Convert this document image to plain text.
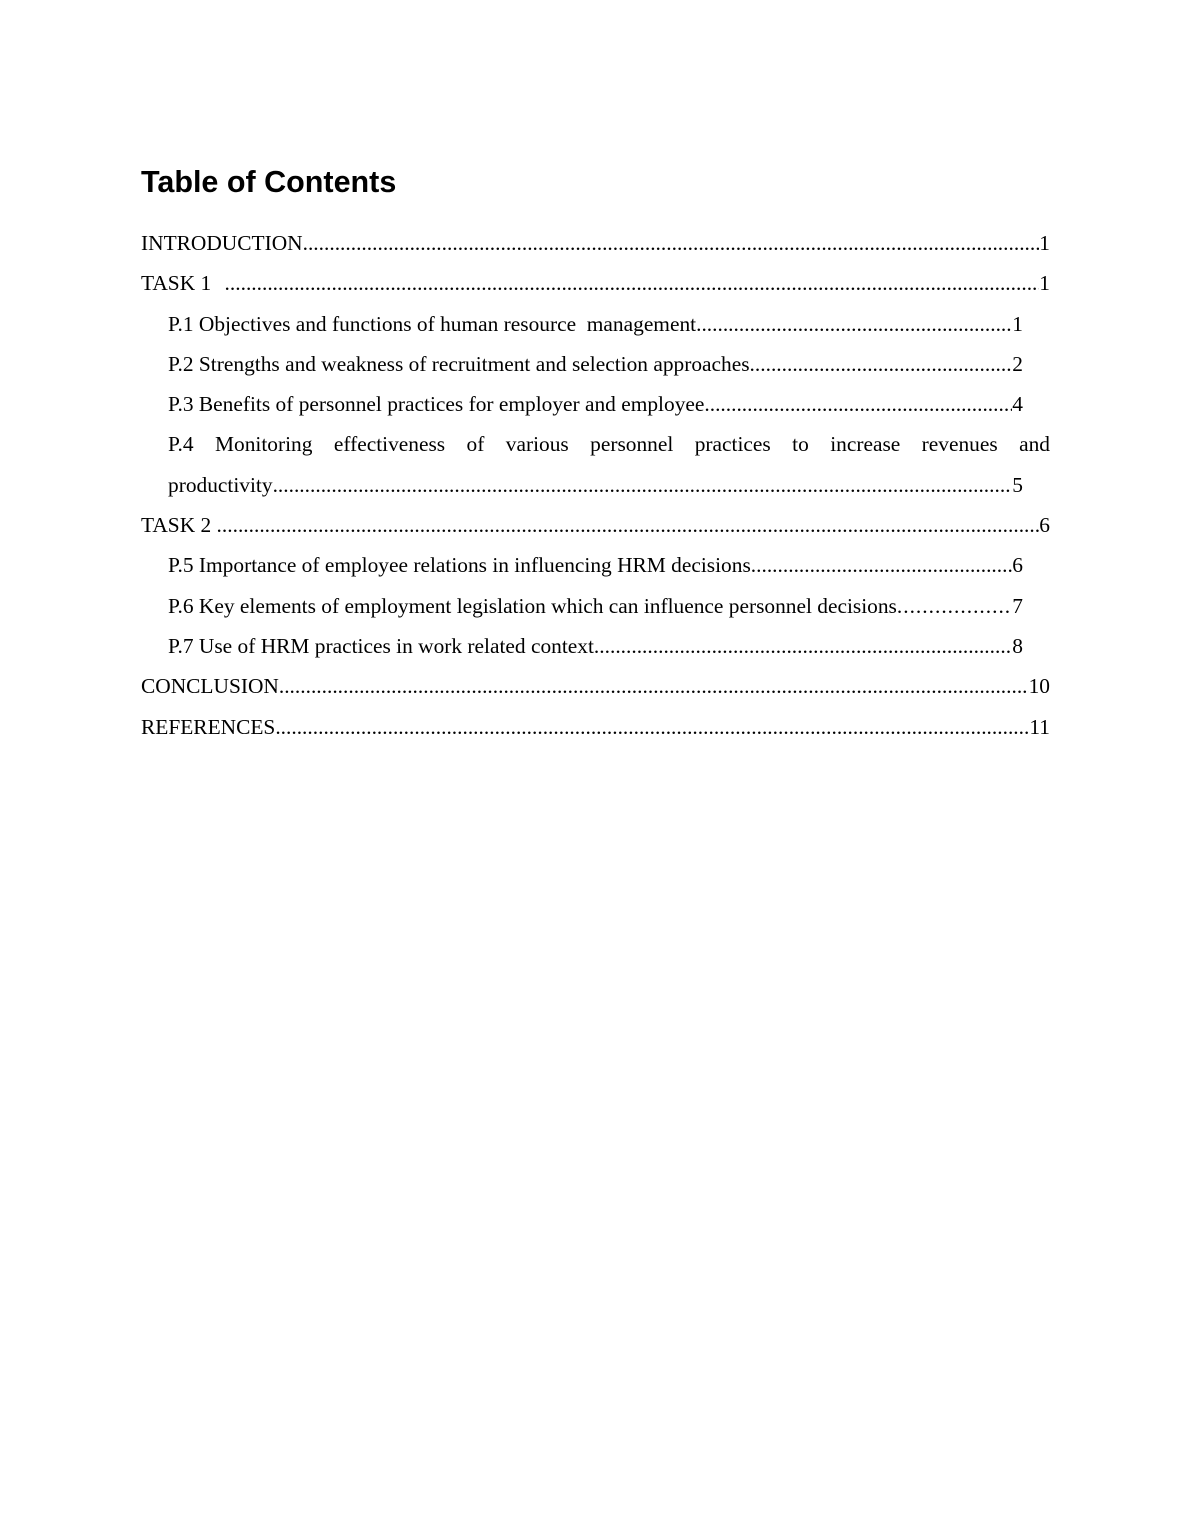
Table of Contents
INTRODUCTION .....	1
TASK 1 .....	1
P.1 Objectives and functions of human resource  management .....	1
P.2 Strengths and weakness of recruitment and selection approaches .....	2
P.3 Benefits of personnel practices for employer and employee .....	4
P.4 Monitoring effectiveness of various personnel practices to increase revenues and
productivity .....	5
TASK 2 .....	6
P.5 Importance of employee relations in influencing HRM decisions .....	6
P.6 Key elements of employment legislation which can influence personnel decisions .....	7
P.7 Use of HRM practices in work related context .....	8
CONCLUSION .....	10
REFERENCES .....	11
